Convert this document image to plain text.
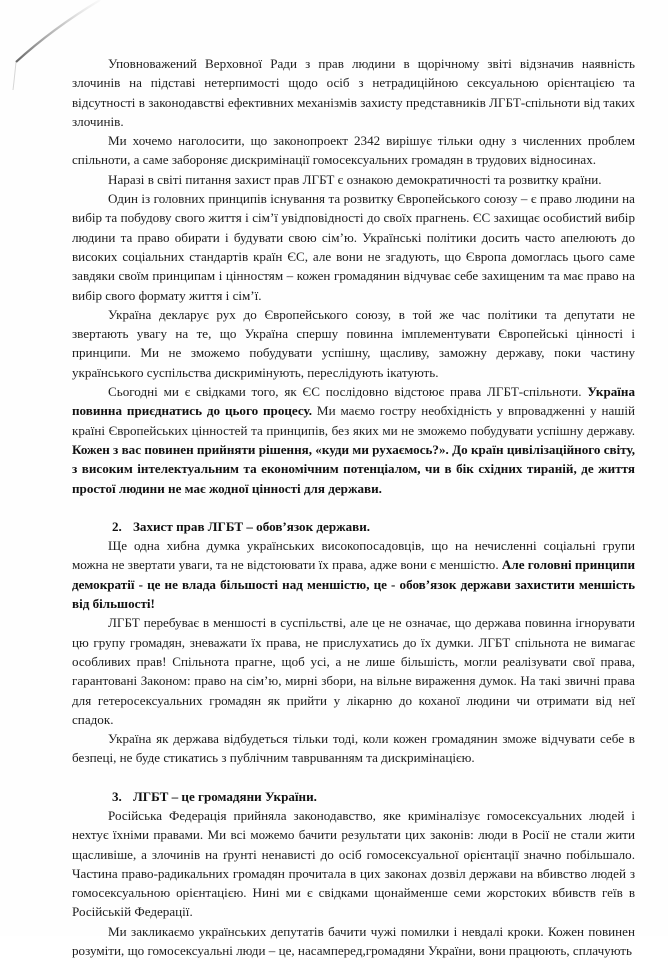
Уповноважений Верховної Ради з прав людини в щорічному звіті відзначив наявність злочинів на підставі нетерпимості щодо осіб з нетрадиційною сексуальною орієнтацією та відсутності в законодавстві ефективних механізмів захисту представників ЛГБТ-спільноти від таких злочинів.

Ми хочемо наголосити, що законопроект 2342 вирішує тільки одну з численних проблем спільноти, а саме забороняє дискримінації гомосексуальних громадян в трудових відносинах.

Наразі в світі питання захист прав ЛГБТ є ознакою демократичності та розвитку країни.

Один із головних принципів існування та розвитку Європейського союзу – є право людини на вибір та побудову свого життя і сім’ї увідповідності до своїх прагнень. ЄС захищає особистий вибір людини та право обирати і будувати свою сім’ю. Українські політики досить часто апелюють до високих соціальних стандартів країн ЄС, але вони не згадують, що Європа домоглась цього саме завдяки своїм принципам і цінностям – кожен громадянин відчуває себе захищеним та має право на вибір свого формату життя і сім’ї.

Україна декларує рух до Європейського союзу, в той же час політики та депутати не звертають увагу на те, що Україна спершу повинна імплементувати Європейські цінності і принципи. Ми не зможемо побудувати успішну, щасливу, заможну державу, поки частину українського суспільства дискримінують, переслідують ікатують.

Сьогодні ми є свідками того, як ЄС послідовно відстоює права ЛГБТ-спільноти. Україна повинна приєднатись до цього процесу. Ми маємо гостру необхідність у впровадженні у нашій країні Європейських цінностей та принципів, без яких ми не зможемо побудувати успішну державу. Кожен з вас повинен прийняти рішення, «куди ми рухаємось?». До країн цивілізаційного світу, з високим інтелектуальним та економічним потенціалом, чи в бік східних тираній, де життя простої людини не має жодної цінності для держави.

2. Захист прав ЛГБТ – обов’язок держави.

Ще одна хибна думка українських високопосадовців, що на нечисленні соціальні групи можна не звертати уваги, та не відстоювати їх права, адже вони є меншістю. Але головні принципи демократії - це не влада більшості над меншістю, це - обов’язок держави захистити меншість від більшості!

ЛГБТ перебуває в меншості в суспільстві, але це не означає, що держава повинна ігнорувати цю групу громадян, зневажати їх права, не прислухатись до їх думки. ЛГБТ спільнота не вимагає особливих прав! Спільнота прагне, щоб усі, а не лише більшість, могли реалізувати свої права, гарантовані Законом: право на сім’ю, мирні збори, на вільне вираження думок. На такі звичні права для гетеросексуальних громадян як прийти у лікарню до коханої людини чи отримати від неї спадок.

Україна як держава відбудеться тільки тоді, коли кожен громадянин зможе відчувати себе в безпеці, не буде стикатись з публічним таврuванням та дискримінацією.

3. ЛГБТ – це громадяни України.

Російська Федерація прийняла законодавство, яке криміналізує гомосексуальних людей і нехтує їхніми правами. Ми всі можемо бачити результати цих законів: люди в Росії не стали жити щасливіше, а злочинів на ґрунті ненависті до осіб гомосексуальної орієнтації значно побільшало. Частина право-радикальних громадян прочитала в цих законах дозвіл держави на вбивство людей з гомосексуальною орієнтацією. Нині ми є свідками щонайменше семи жорстоких вбивств геїв в Російській Федерації.

Ми закликаємо українських депутатів бачити чужі помилки і невдалі кроки. Кожен повинен розуміти, що гомосексуальні люди – це, насамперед,громадяни України, вони працюють, сплачують
